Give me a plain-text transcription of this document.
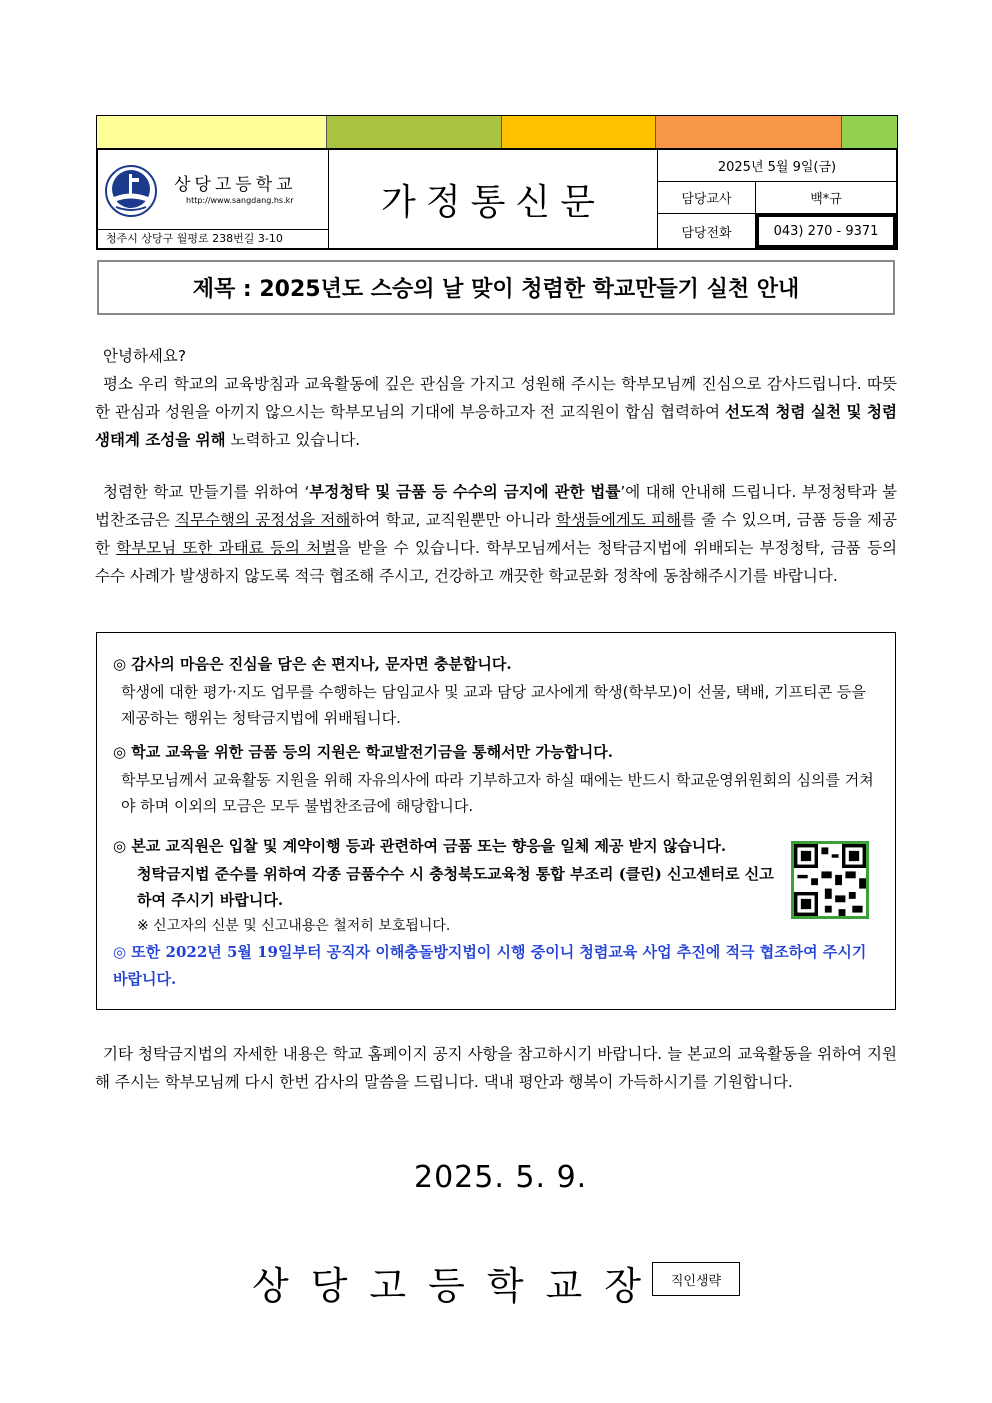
상당고등학교
http://www.sangdang.hs.kr
청주시 상당구 월평로 238번길 3-10
가정통신문
2025년 5월 9일(금)
담당교사	백*규
담당전화	043) 270 - 9371
제목 : 2025년도 스승의 날 맞이 청렴한 학교만들기 실천 안내

안녕하세요?

평소 우리 학교의 교육방침과 교육활동에 깊은 관심을 가지고 성원해 주시는 학부모님께 진심으로 감사드립니다. 따뜻한 관심과 성원을 아끼지 않으시는 학부모님의 기대에 부응하고자 전 교직원이 합심 협력하여 선도적 청렴 실천 및 청렴 생태계 조성을 위해 노력하고 있습니다.

청렴한 학교 만들기를 위하여 ‘부정청탁 및 금품 등 수수의 금지에 관한 법률’에 대해 안내해 드립니다. 부정청탁과 불법찬조금은 직무수행의 공정성을 저해하여 학교, 교직원뿐만 아니라 학생들에게도 피해를 줄 수 있으며, 금품 등을 제공한 학부모님 또한 과태료 등의 처벌을 받을 수 있습니다. 학부모님께서는 청탁금지법에 위배되는 부정청탁, 금품 등의 수수 사례가 발생하지 않도록 적극 협조해 주시고, 건강하고 깨끗한 학교문화 정착에 동참해주시기를 바랍니다.

◎ 감사의 마음은 진심을 담은 손 편지나, 문자면 충분합니다.
학생에 대한 평가·지도 업무를 수행하는 담임교사 및 교과 담당 교사에게 학생(학부모)이 선물, 택배, 기프티콘 등을 제공하는 행위는 청탁금지법에 위배됩니다.
◎ 학교 교육을 위한 금품 등의 지원은 학교발전기금을 통해서만 가능합니다.
학부모님께서 교육활동 지원을 위해 자유의사에 따라 기부하고자 하실 때에는 반드시 학교운영위원회의 심의를 거쳐야 하며 이외의 모금은 모두 불법찬조금에 해당합니다.
◎ 본교 교직원은 입찰 및 계약이행 등과 관련하여 금품 또는 향응을 일체 제공 받지 않습니다.
청탁금지법 준수를 위하여 각종 금품수수 시 충청북도교육청 통합 부조리 (클린) 신고센터로 신고하여 주시기 바랍니다.
※ 신고자의 신분 및 신고내용은 철저히 보호됩니다.
◎ 또한 2022년 5월 19일부터 공직자 이해충돌방지법이 시행 중이니 청렴교육 사업 추진에 적극 협조하여 주시기 바랍니다.

기타 청탁금지법의 자세한 내용은 학교 홈페이지 공지 사항을 참고하시기 바랍니다. 늘 본교의 교육활동을 위하여 지원해 주시는 학부모님께 다시 한번 감사의 말씀을 드립니다. 댁내 평안과 행복이 가득하시기를 기원합니다.

2025. 5. 9.
상당고등학교장 직인생략
